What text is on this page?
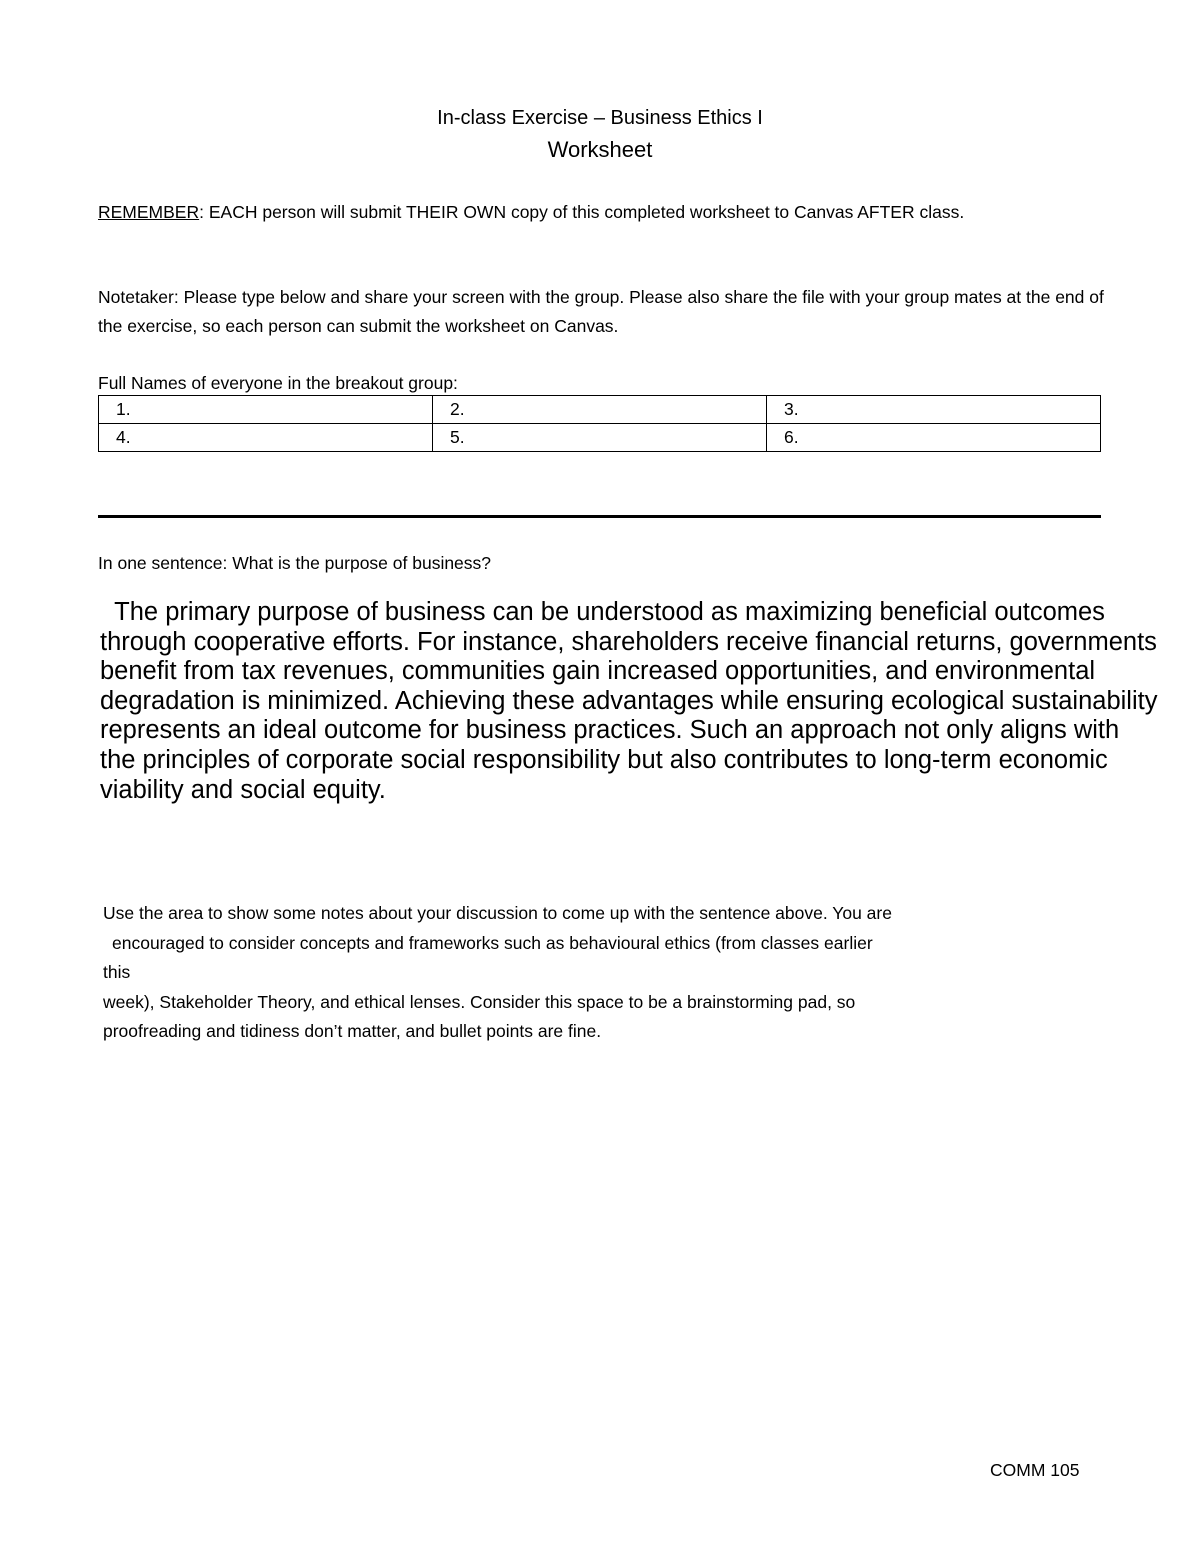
In-class Exercise – Business Ethics I
Worksheet
REMEMBER: EACH person will submit THEIR OWN copy of this completed worksheet to Canvas AFTER class.
Notetaker: Please type below and share your screen with the group. Please also share the file with your group mates at the end of the exercise, so each person can submit the worksheet on Canvas.
Full Names of everyone in the breakout group:
1.	2.	3.
4.	5.	6.
In one sentence: What is the purpose of business?
The primary purpose of business can be understood as maximizing beneficial outcomes through cooperative efforts. For instance, shareholders receive financial returns, governments benefit from tax revenues, communities gain increased opportunities, and environmental degradation is minimized. Achieving these advantages while ensuring ecological sustainability represents an ideal outcome for business practices. Such an approach not only aligns with the principles of corporate social responsibility but also contributes to long-term economic viability and social equity.
Use the area to show some notes about your discussion to come up with the sentence above. You are
encouraged to consider concepts and frameworks such as behavioural ethics (from classes earlier
this
week), Stakeholder Theory, and ethical lenses. Consider this space to be a brainstorming pad, so
proofreading and tidiness don’t matter, and bullet points are fine.
COMM 105
